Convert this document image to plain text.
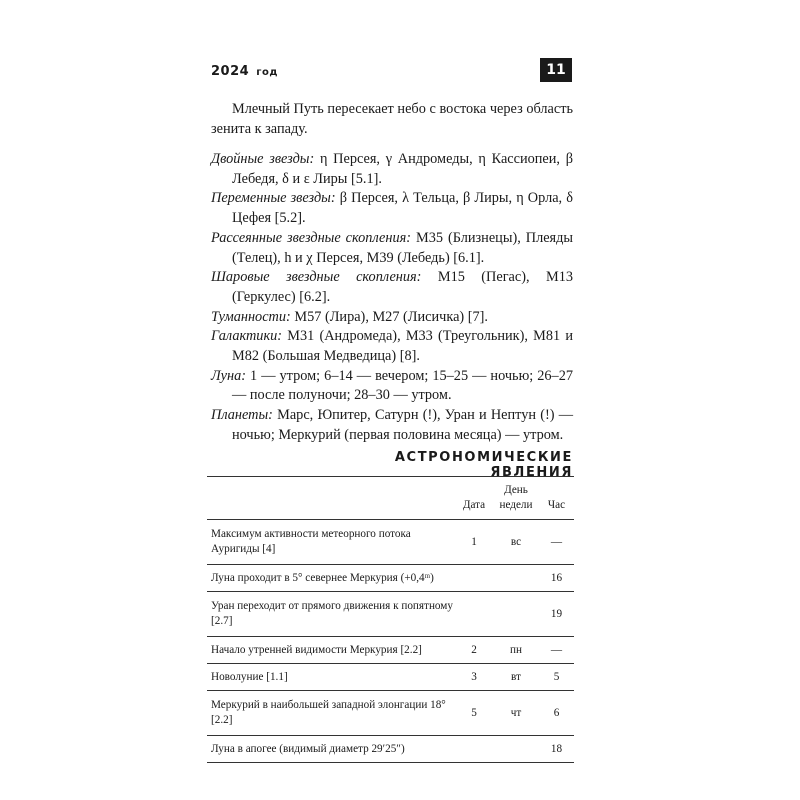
2024 год	11

Млечный Путь пересекает небо с востока через область зенита к западу.

Двойные звезды: η Персея, γ Андромеды, η Кассиопеи, β Лебедя, δ и ε Лиры [5.1].

Переменные звезды: β Персея, λ Тельца, β Лиры, η Орла, δ Цефея [5.2].

Рассеянные звездные скопления: M35 (Близнецы), Плеяды (Телец), h и χ Персея, M39 (Лебедь) [6.1].

Шаровые звездные скопления: M15 (Пегас), M13 (Геркулес) [6.2].

Туманности: M57 (Лира), M27 (Лисичка) [7].

Галактики: M31 (Андромеда), M33 (Треугольник), M81 и M82 (Большая Медведица) [8].

Луна: 1 — утром; 6–14 — вечером; 15–25 — ночью; 26–27 — после полуночи; 28–30 — утром.

Планеты: Марс, Юпитер, Сатурн (!), Уран и Нептун (!) — ночью; Меркурий (первая половина месяца) — утром.

АСТРОНОМИЧЕСКИЕ ЯВЛЕНИЯ
	Дата	День недели	Час
Максимум активности метеорного потока Ауригиды [4]	1	вс	—
Луна проходит в 5° севернее Меркурия (+0,4ᵐ)			16
Уран переходит от прямого движения к попятному [2.7]			19
Начало утренней видимости Меркурия [2.2]	2	пн	—
Новолуние [1.1]	3	вт	5
Меркурий в наибольшей западной элонгации 18° [2.2]	5	чт	6
Луна в апогее (видимый диаметр 29′25″)			18
